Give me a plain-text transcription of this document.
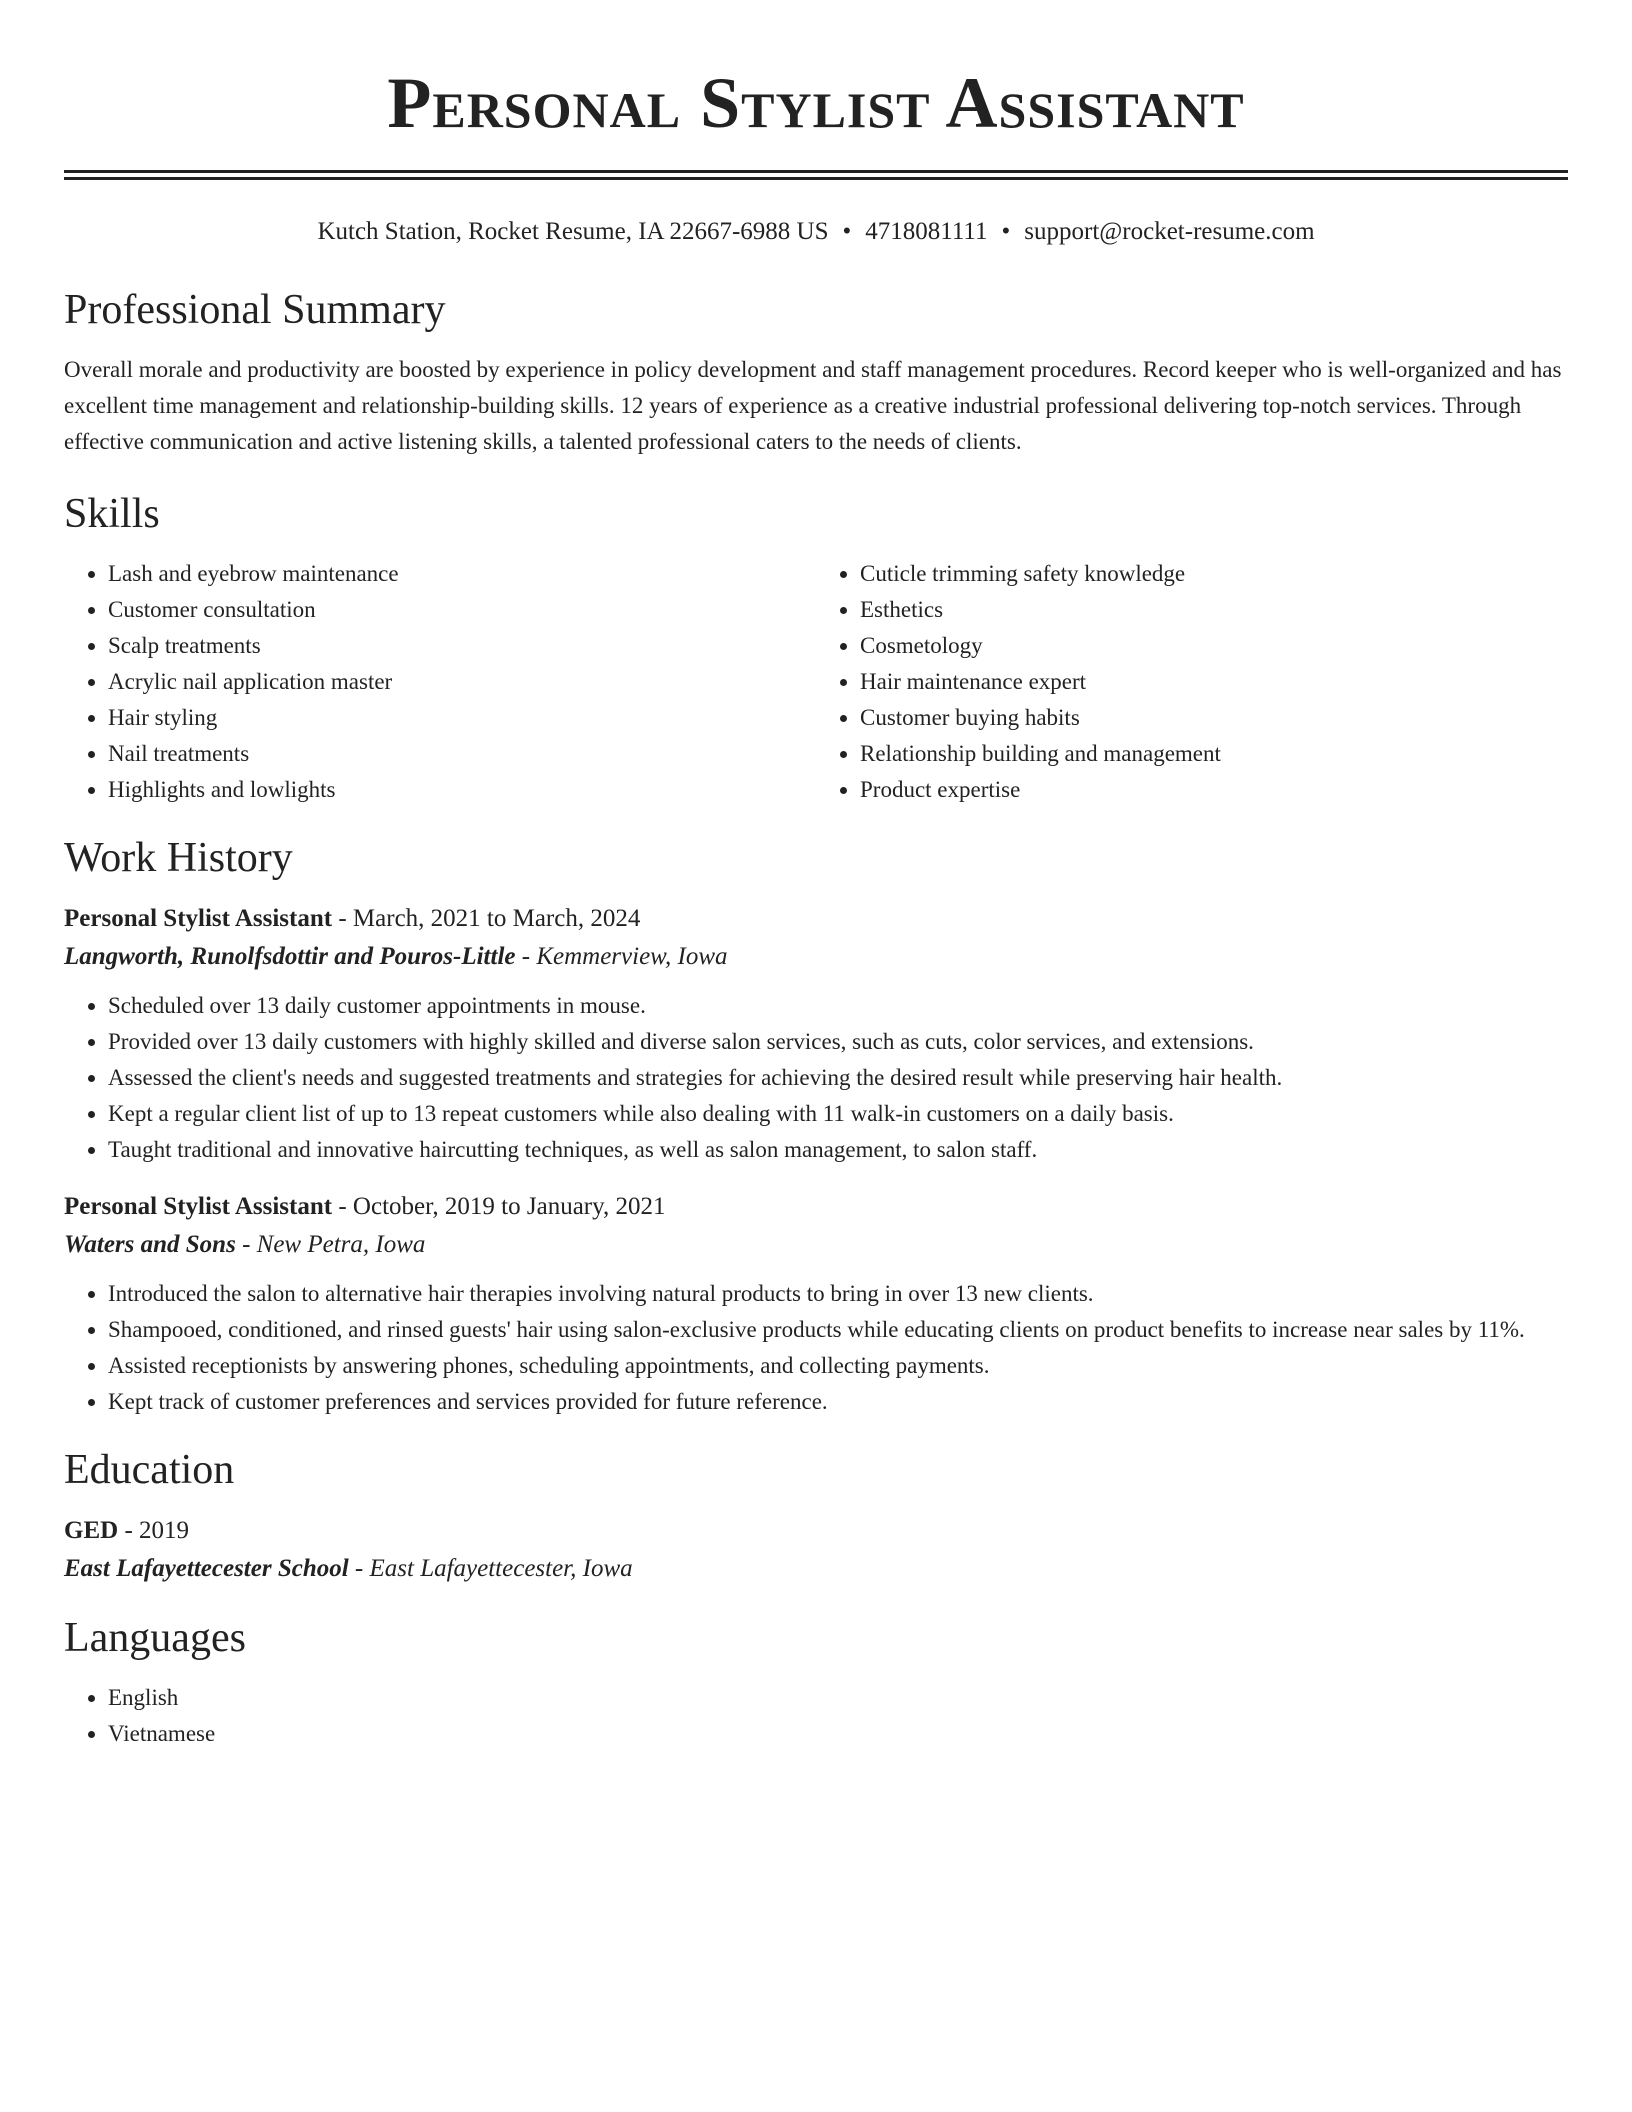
Personal Stylist Assistant
Kutch Station, Rocket Resume, IA 22667-6988 US • 4718081111 • support@rocket-resume.com
Professional Summary

Overall morale and productivity are boosted by experience in policy development and staff management procedures. Record keeper who is well-organized and has excellent time management and relationship-building skills. 12 years of experience as a creative industrial professional delivering top-notch services. Through effective communication and active listening skills, a talented professional caters to the needs of clients.

Skills
• Lash and eyebrow maintenance
• Customer consultation
• Scalp treatments
• Acrylic nail application master
• Hair styling
• Nail treatments
• Highlights and lowlights
• Cuticle trimming safety knowledge
• Esthetics
• Cosmetology
• Hair maintenance expert
• Customer buying habits
• Relationship building and management
• Product expertise
Work History
Personal Stylist Assistant - March, 2021 to March, 2024
Langworth, Runolfsdottir and Pouros-Little - Kemmerview, Iowa
• Scheduled over 13 daily customer appointments in mouse.
• Provided over 13 daily customers with highly skilled and diverse salon services, such as cuts, color services, and extensions.
• Assessed the client's needs and suggested treatments and strategies for achieving the desired result while preserving hair health.
• Kept a regular client list of up to 13 repeat customers while also dealing with 11 walk-in customers on a daily basis.
• Taught traditional and innovative haircutting techniques, as well as salon management, to salon staff.
Personal Stylist Assistant - October, 2019 to January, 2021
Waters and Sons - New Petra, Iowa
• Introduced the salon to alternative hair therapies involving natural products to bring in over 13 new clients.
• Shampooed, conditioned, and rinsed guests' hair using salon-exclusive products while educating clients on product benefits to increase near sales by 11%.
• Assisted receptionists by answering phones, scheduling appointments, and collecting payments.
• Kept track of customer preferences and services provided for future reference.
Education
GED - 2019
East Lafayettecester School - East Lafayettecester, Iowa
Languages
• English
• Vietnamese
